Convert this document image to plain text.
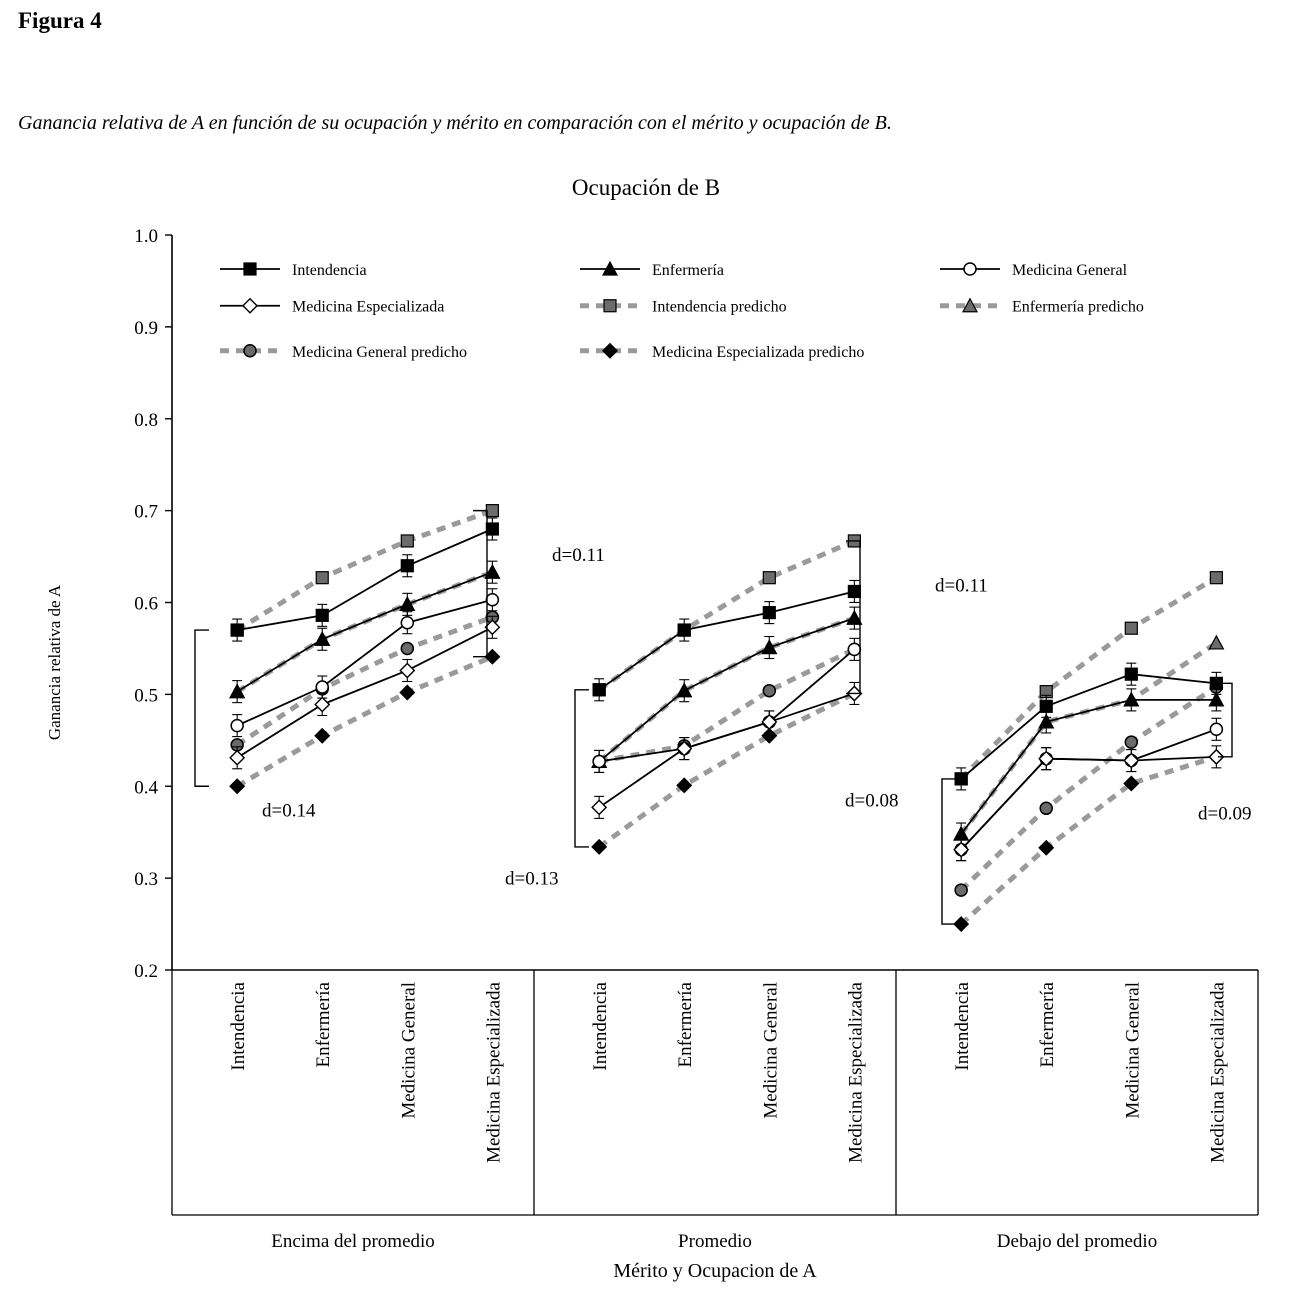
Figura 4
Ganancia relativa de A en función de su ocupación y mérito en comparación con el mérito y ocupación de B.
Ocupación de B
0.2
0.3
0.4
0.5
0.6
0.7
0.8
0.9
1.0
Ganancia relativa de A
Intendencia	Enfermería	Medicina General	Medicina Especializada
Encima del promedio
Intendencia	Enfermería	Medicina General	Medicina Especializada
Promedio
Intendencia	Enfermería	Medicina General	Medicina Especializada
Debajo del promedio
Mérito y Ocupacion de A
d=0.14
d=0.11
d=0.13
d=0.08
d=0.11
d=0.09
Intendencia	Enfermería	Medicina General
Medicina Especializada	Intendencia predicho	Enfermería predicho
Medicina General predicho	Medicina Especializada predicho
